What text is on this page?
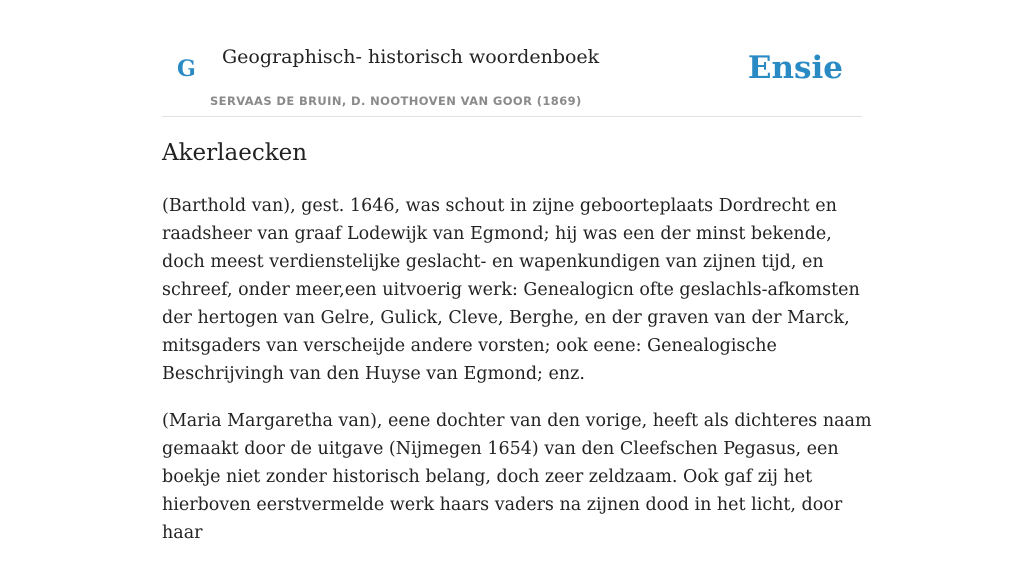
G Geographisch- historisch woordenboek
SERVAAS DE BRUIN, D. NOOTHOVEN VAN GOOR (1869)
Ensie
Akerlaecken

(Barthold van), gest. 1646, was schout in zijne geboorteplaats Dordrecht en raadsheer van graaf Lodewijk van Egmond; hij was een der minst bekende, doch meest verdienstelijke geslacht- en wapenkundigen van zijnen tijd, en schreef, onder meer,een uitvoerig werk: Genealogicn ofte geslachls-afkomsten der hertogen van Gelre, Gulick, Cleve, Berghe, en der graven van der Marck, mitsgaders van verscheijde andere vorsten; ook eene: Genealogische Beschrijvingh van den Huyse van Egmond; enz.

(Maria Margaretha van), eene dochter van den vorige, heeft als dichteres naam gemaakt door de uitgave (Nijmegen 1654) van den Cleefschen Pegasus, een boekje niet zonder historisch belang, doch zeer zeldzaam. Ook gaf zij het hierboven eerstvermelde werk haars vaders na zijnen dood in het licht, door haar
